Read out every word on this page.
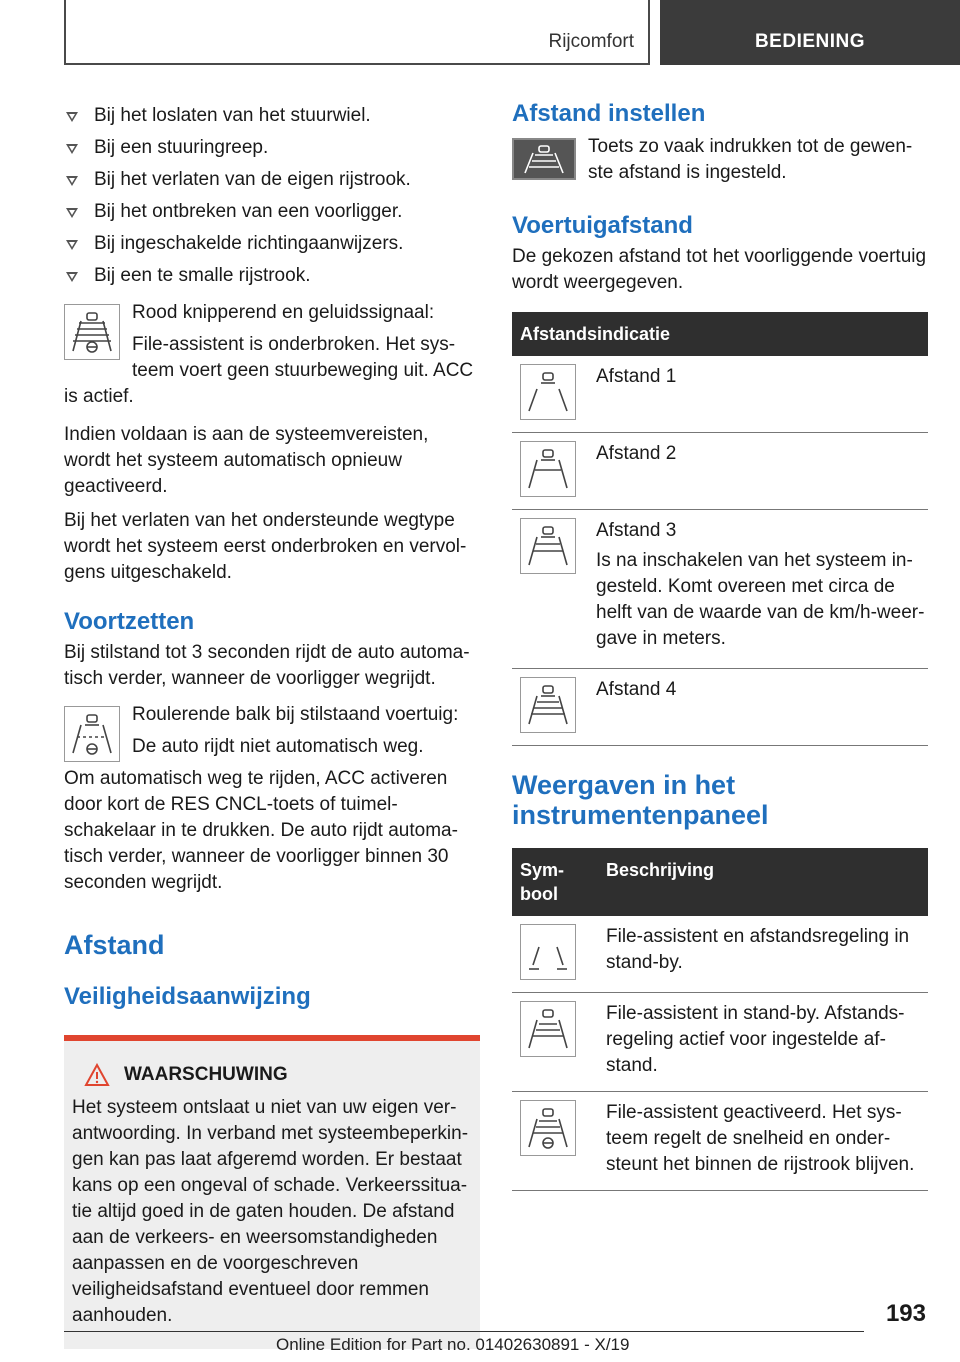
Rijcomfort	BEDIENING
Bij het loslaten van het stuurwiel.
Bij een stuuringreep.
Bij het verlaten van de eigen rijstrook.
Bij het ontbreken van een voorligger.
Bij ingeschakelde richtingaanwijzers.
Bij een te smalle rijstrook.

Rood knipperend en geluidssignaal:

File-assistent is onderbroken. Het systeem voert geen stuurbeweging uit. ACC is actief.

Indien voldaan is aan de systeemvereisten, wordt het systeem automatisch opnieuw geactiveerd.

Bij het verlaten van het ondersteunde wegtype wordt het systeem eerst onderbroken en vervolgens uitgeschakeld.

Voortzetten

Bij stilstand tot 3 seconden rijdt de auto automatisch verder, wanneer de voorligger wegrijdt.

Roulerende balk bij stilstaand voertuig:

De auto rijdt niet automatisch weg.

Om automatisch weg te rijden, ACC activeren door kort de RES CNCL-toets of tuimelschakelaar in te drukken. De auto rijdt automatisch verder, wanneer de voorligger binnen 30 seconden wegrijdt.

Afstand
Veiligheidsaanwijzing
WAARSCHUWING

Het systeem ontslaat u niet van uw eigen verantwoording. In verband met systeembeperkingen kan pas laat afgeremd worden. Er bestaat kans op een ongeval of schade. Verkeerssituatie altijd goed in de gaten houden. De afstand aan de verkeers- en weersomstandigheden aanpassen en de voorgeschreven veiligheidsafstand eventueel door remmen aanhouden.

Afstand instellen

Toets zo vaak indrukken tot de gewenste afstand is ingesteld.

Voertuigafstand

De gekozen afstand tot het voorliggende voertuig wordt weergegeven.

Afstandsindicatie	

Afstand 1

Afstand 2

Afstand 3

Is na inschakelen van het systeem ingesteld. Komt overeen met circa de helft van de waarde van de km/h-weergave in meters.

Afstand 4

Weergaven in het instrumentenpaneel
Symbool	Beschrijving

File-assistent en afstandsregeling in stand-by.

File-assistent in stand-by. Afstandsregeling actief voor ingestelde afstand.

File-assistent geactiveerd. Het systeem regelt de snelheid en ondersteunt het binnen de rijstrook blijven.

193
Online Edition for Part no. 01402630891 - X/19
